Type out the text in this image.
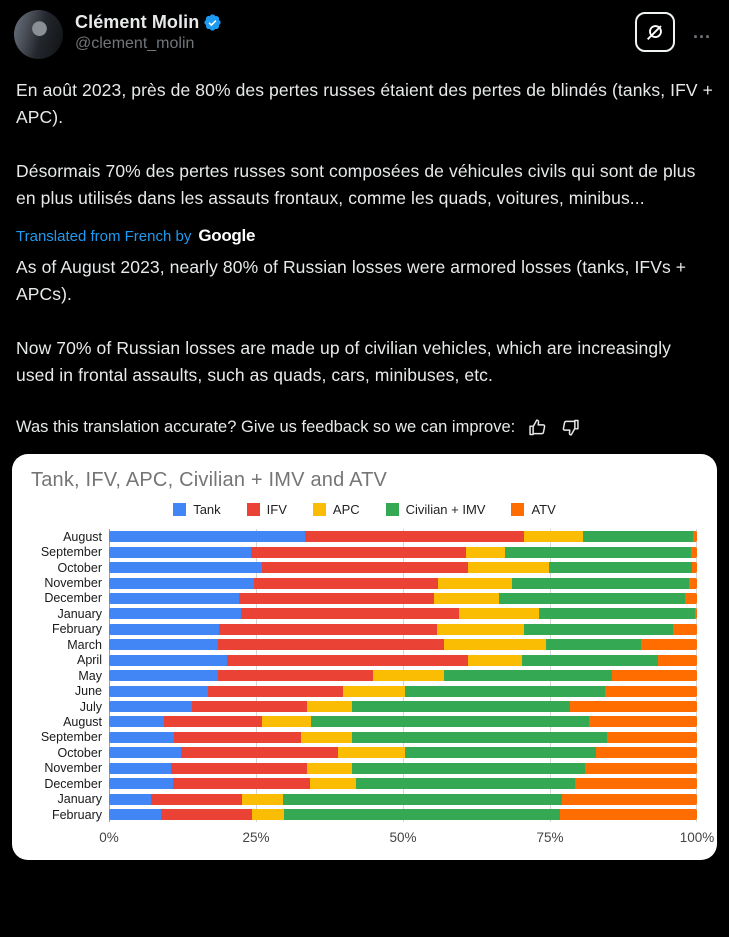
Clément Molin
@clement_molin
...

En août 2023, près de 80% des pertes russes étaient des pertes de blindés (tanks, IFV + APC).

Désormais 70% des pertes russes sont composées de véhicules civils qui sont de plus en plus utilisés dans les assauts frontaux, comme les quads, voitures, minibus...

Translated from French by Google

As of August 2023, nearly 80% of Russian losses were armored losses (tanks, IFVs + APCs).

Now 70% of Russian losses are made up of civilian vehicles, which are increasingly used in frontal assaults, such as quads, cars, minibuses, etc.

Was this translation accurate? Give us feedback so we can improve:
Tank, IFV, APC, Civilian + IMV and ATV
Tank	IFV	APC	Civilian + IMV	ATV
August
September
October
November
December
January
February
March
April
May
June
July
August
September
October
November
December
January
February
0%	25%	50%	75%	100%
